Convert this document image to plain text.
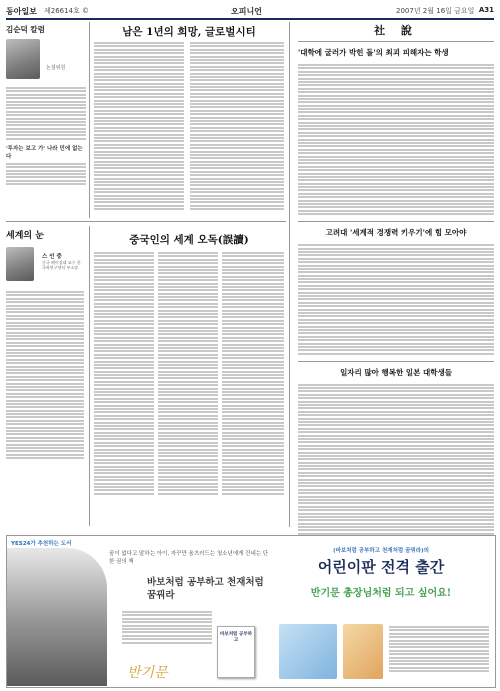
동아일보 제26614호 ©	오피니언	2007년 2월 16일 금요일 A31
김순덕 칼럼
논설위원
'투자는 보고 가' 나라 민에 없는다
남은 1년의 희망, 글로벌시티	社 說
'대학에 굴러가 박힌 돌'의 최괴 피해자는 학생
고려대 '세계적 경쟁력 키우기'에 힘 모아야
일자리 많아 행복한 일본 대학생들
세계의 눈
스 인 중
중국 베이징대 교수 한국학연구센터 부소장
중국인의 세계 오독(誤讀)
YES24가 추천하는 도서
꿈이 없다고 말하는 아이, 자꾸만 움츠러드는 청소년에게 건네는 단 한 권의 책
바보처럼 공부하고 천재처럼 꿈꿔라
바보처럼 공부하고
반기문
(바보처럼 공부하고 천재처럼 꿈꿔라)의
어린이판 전격 출간
반기문 총장님처럼 되고 싶어요!
